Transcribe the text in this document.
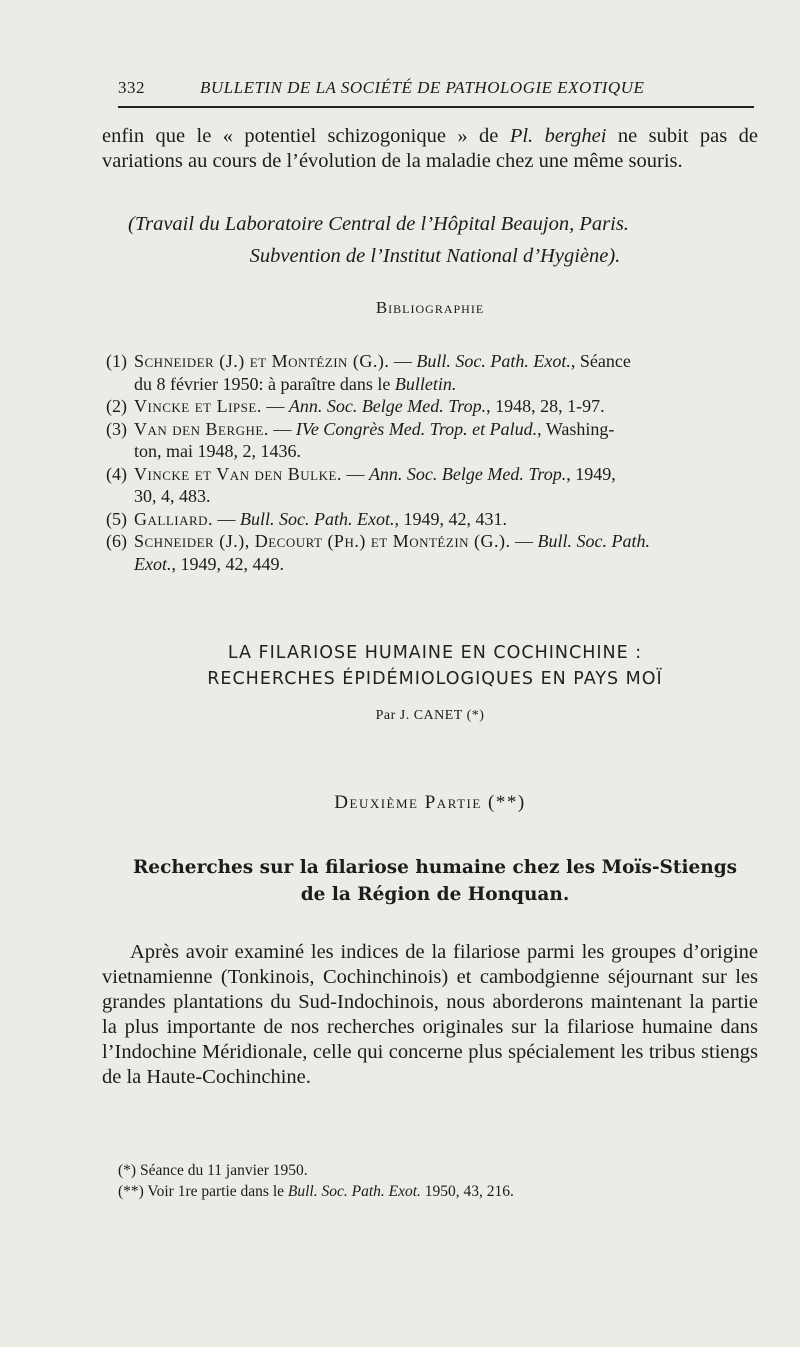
332	BULLETIN DE LA SOCIÉTÉ DE PATHOLOGIE EXOTIQUE

enfin que le « potentiel schizogonique » de Pl. berghei ne subit pas de variations au cours de l’évolution de la maladie chez une même souris.

(Travail du Laboratoire Central de l’Hôpital Beaujon, Paris.
Subvention de l’Institut National d’Hygiène).
Bibliographie
(1) Schneider (J.) et Montézin (G.). — Bull. Soc. Path. Exot., Séance
du 8 février 1950: à paraître dans le Bulletin.
(2) Vincke et Lipse. — Ann. Soc. Belge Med. Trop., 1948, 28, 1-97.
(3) Van den Berghe. — IVe Congrès Med. Trop. et Palud., Washing-
ton, mai 1948, 2, 1436.
(4) Vincke et Van den Bulke. — Ann. Soc. Belge Med. Trop., 1949,
30, 4, 483.
(5) Galliard. — Bull. Soc. Path. Exot., 1949, 42, 431.
(6) Schneider (J.), Decourt (Ph.) et Montézin (G.). — Bull. Soc. Path.
Exot., 1949, 42, 449.
LA FILARIOSE HUMAINE EN COCHINCHINE :
RECHERCHES ÉPIDÉMIOLOGIQUES EN PAYS MOÏ
Par J. CANET (*)
Deuxième Partie (**)
Recherches sur la filariose humaine chez les Moïs-Stiengs
de la Région de Honquan.

Après avoir examiné les indices de la filariose parmi les groupes d’origine vietnamienne (Tonkinois, Cochinchinois) et cambodgienne séjournant sur les grandes plantations du Sud-Indochinois, nous aborderons maintenant la partie la plus importante de nos recherches originales sur la filariose humaine dans l’Indochine Méridionale, celle qui concerne plus spécialement les tribus stiengs de la Haute-Cochinchine.

(*) Séance du 11 janvier 1950.
(**) Voir 1re partie dans le Bull. Soc. Path. Exot. 1950, 43, 216.
